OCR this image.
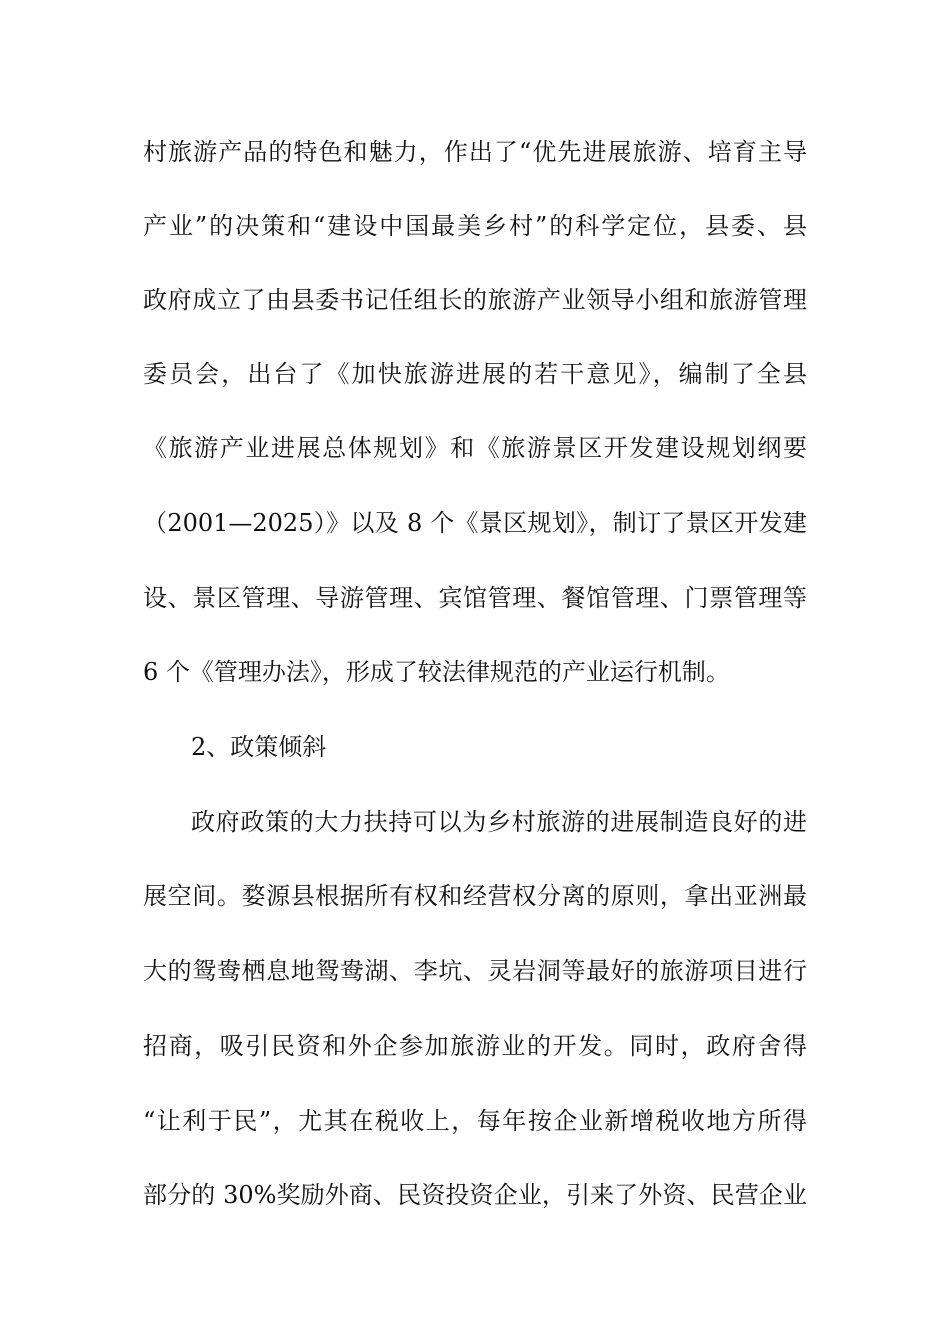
村旅游产品的特色和魅力，作出了“优先进展旅游、培育主导
产业”的决策和“建设中国最美乡村”的科学定位，县委、县
政府成立了由县委书记任组长的旅游产业领导小组和旅游管理
委员会，出台了《加快旅游进展的若干意见》，编制了全县
《旅游产业进展总体规划》和《旅游景区开发建设规划纲要
（2001—2025）》以及 8 个《景区规划》，制订了景区开发建
设、景区管理、导游管理、宾馆管理、餐馆管理、门票管理等
6 个《管理办法》，形成了较法律规范的产业运行机制。
2、政策倾斜
政府政策的大力扶持可以为乡村旅游的进展制造良好的进
展空间。婺源县根据所有权和经营权分离的原则，拿出亚洲最
大的鸳鸯栖息地鸳鸯湖、李坑、灵岩洞等最好的旅游项目进行
招商，吸引民资和外企参加旅游业的开发。同时，政府舍得
“让利于民”，尤其在税收上，每年按企业新增税收地方所得
部分的 30%奖励外商、民资投资企业，引来了外资、民营企业
